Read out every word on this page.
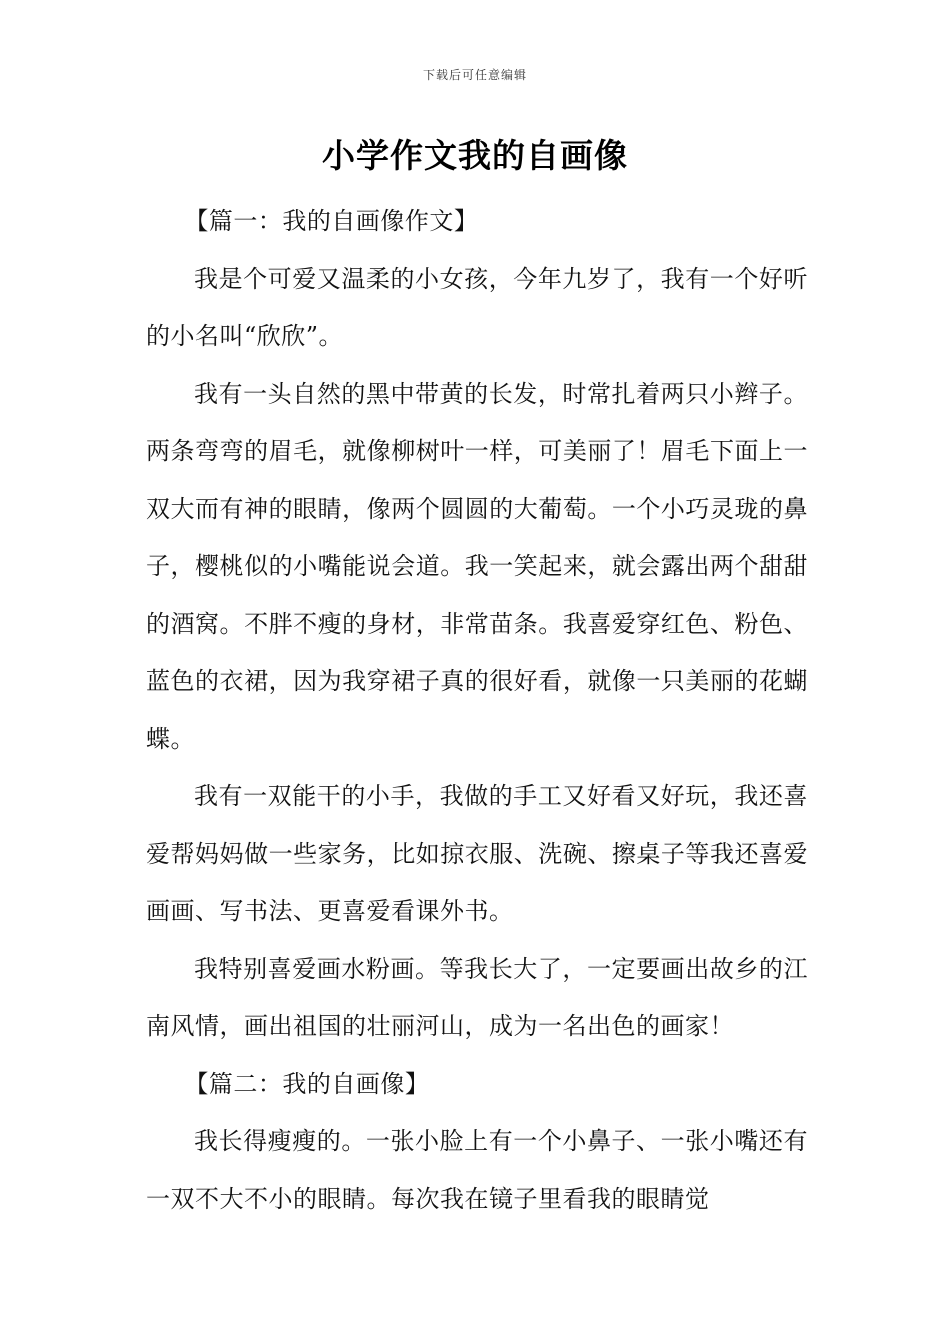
下载后可任意编辑
小学作文我的自画像

【篇一：我的自画像作文】

我是个可爱又温柔的小女孩，今年九岁了，我有一个好听的小名叫“欣欣”。

我有一头自然的黑中带黄的长发，时常扎着两只小辫子。两条弯弯的眉毛，就像柳树叶一样，可美丽了！眉毛下面上一双大而有神的眼睛，像两个圆圆的大葡萄。一个小巧灵珑的鼻子，樱桃似的小嘴能说会道。我一笑起来，就会露出两个甜甜的酒窝。不胖不瘦的身材，非常苗条。我喜爱穿红色、粉色、蓝色的衣裙，因为我穿裙子真的很好看，就像一只美丽的花蝴蝶。

我有一双能干的小手，我做的手工又好看又好玩，我还喜爱帮妈妈做一些家务，比如掠衣服、洗碗、擦桌子等我还喜爱画画、写书法、更喜爱看课外书。

我特别喜爱画水粉画。等我长大了，一定要画出故乡的江南风情，画出祖国的壮丽河山，成为一名出色的画家！

【篇二：我的自画像】

我长得瘦瘦的。一张小脸上有一个小鼻子、一张小嘴还有一双不大不小的眼睛。每次我在镜子里看我的眼睛觉
